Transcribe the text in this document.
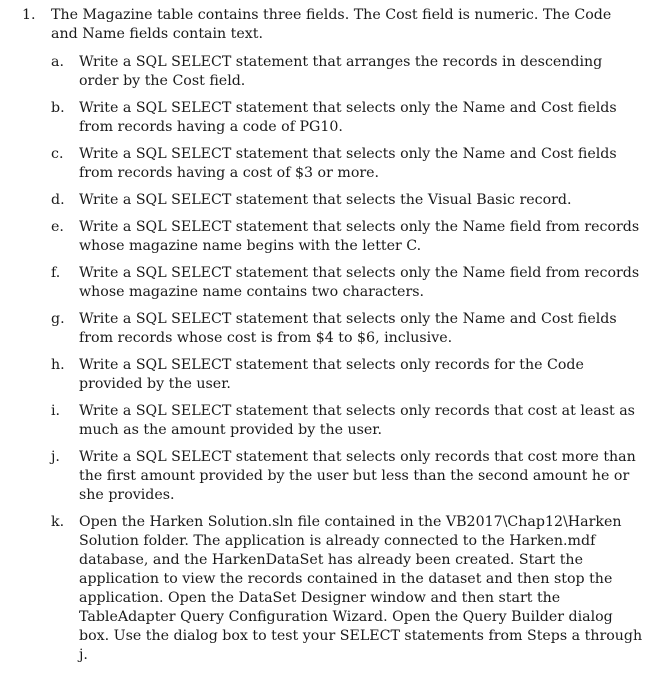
1. The Magazine table contains three fields. The Cost field is numeric. The Code and Name fields contain text.
a.	Write a SQL SELECT statement that arranges the records in descending order by the Cost field.
b.	Write a SQL SELECT statement that selects only the Name and Cost fields from records having a code of PG10.
c.	Write a SQL SELECT statement that selects only the Name and Cost fields from records having a cost of $3 or more.
d.	Write a SQL SELECT statement that selects the Visual Basic record.
e.	Write a SQL SELECT statement that selects only the Name field from records whose magazine name begins with the letter C.
f.	Write a SQL SELECT statement that selects only the Name field from records whose magazine name contains two characters.
g.	Write a SQL SELECT statement that selects only the Name and Cost fields from records whose cost is from $4 to $6, inclusive.
h.	Write a SQL SELECT statement that selects only records for the Code provided by the user.
i.	Write a SQL SELECT statement that selects only records that cost at least as much as the amount provided by the user.
j.	Write a SQL SELECT statement that selects only records that cost more than the first amount provided by the user but less than the second amount he or she provides.
k.	Open the Harken Solution.sln file contained in the VB2017\Chap12\Harken Solution folder. The application is already connected to the Harken.mdf database, and the HarkenDataSet has already been created. Start the application to view the records contained in the dataset and then stop the application. Open the DataSet Designer window and then start the TableAdapter Query Configuration Wizard. Open the Query Builder dialog box. Use the dialog box to test your SELECT statements from Steps a through j.
